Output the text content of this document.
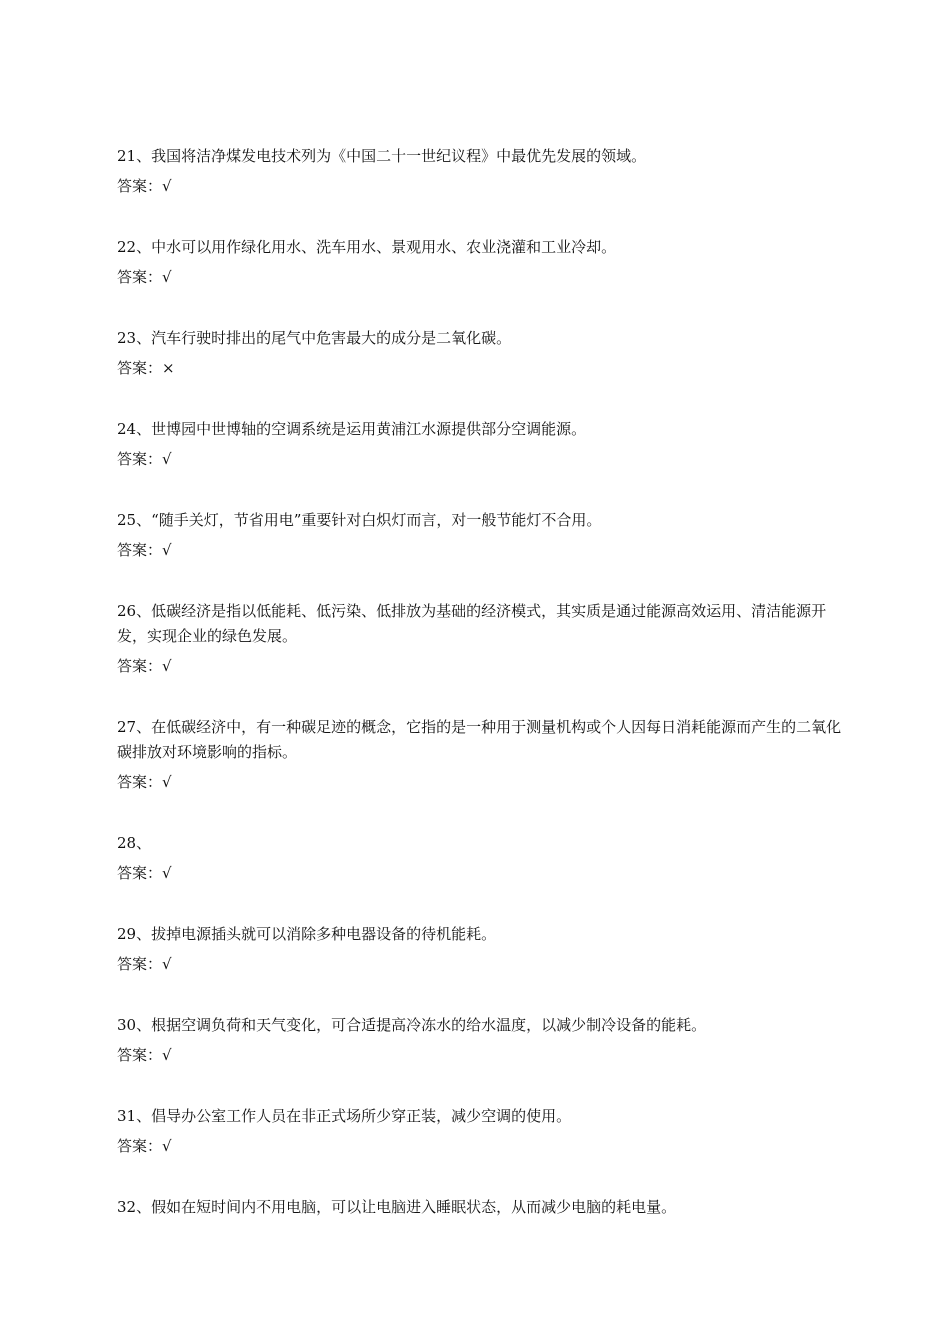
21、我国将洁净煤发电技术列为《中国二十一世纪议程》中最优先发展的领域。

答案：√

22、中水可以用作绿化用水、洗车用水、景观用水、农业浇灌和工业冷却。

答案：√

23、汽车行驶时排出的尾气中危害最大的成分是二氧化碳。

答案：×

24、世博园中世博轴的空调系统是运用黄浦江水源提供部分空调能源。

答案：√

25、“随手关灯，节省用电”重要针对白炽灯而言，对一般节能灯不合用。

答案：√

26、低碳经济是指以低能耗、低污染、低排放为基础的经济模式，其实质是通过能源高效运用、清洁能源开发，实现企业的绿色发展。

答案：√

27、在低碳经济中，有一种碳足迹的概念，它指的是一种用于测量机构或个人因每日消耗能源而产生的二氧化碳排放对环境影响的指标。

答案：√

28、

答案：√

29、拔掉电源插头就可以消除多种电器设备的待机能耗。

答案：√

30、根据空调负荷和天气变化，可合适提高冷冻水的给水温度，以减少制冷设备的能耗。

答案：√

31、倡导办公室工作人员在非正式场所少穿正装，减少空调的使用。

答案：√

32、假如在短时间内不用电脑，可以让电脑进入睡眠状态，从而减少电脑的耗电量。
